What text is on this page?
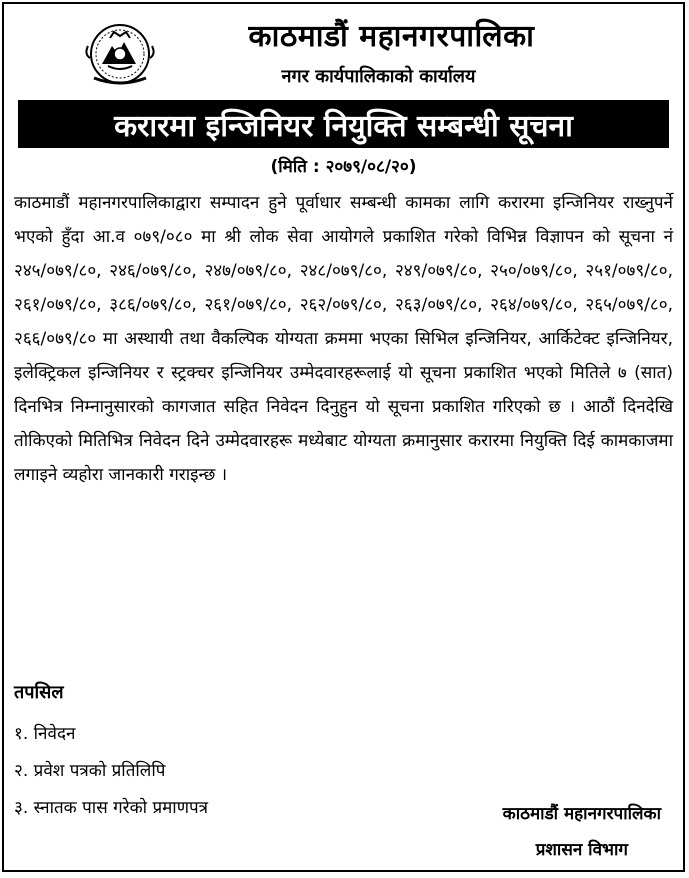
काठमाडौं महानगरपालिका
नगर कार्यपालिकाको कार्यालय
करारमा इन्जिनियर नियुक्ति सम्बन्धी सूचना
(मिति : २०७९/०८/२०)
काठमाडौं महानगरपालिकाद्वारा सम्पादन हुने पूर्वाधार सम्बन्धी कामका लागि करारमा इन्जिनियर राख्नुपर्ने भएको हुँदा आ.व ०७९/०८० मा श्री लोक सेवा आयोगले प्रकाशित गरेको विभिन्न विज्ञापन को सूचना नं २४५/०७९/८०, २४६/०७९/८०, २४७/०७९/८०, २४८/०७९/८०, २४९/०७९/८०, २५०/०७९/८०, २५१/०७९/८०, २६१/०७९/८०, ३८६/०७९/८०, २६१/०७९/८०, २६२/०७९/८०, २६३/०७९/८०, २६४/०७९/८०, २६५/०७९/८०, २६६/०७९/८० मा अस्थायी तथा वैकल्पिक योग्यता क्रममा भएका सिभिल इन्जिनियर, आर्किटेक्ट इन्जिनियर, इलेक्ट्रिकल इन्जिनियर र स्ट्रक्चर इन्जिनियर उम्मेदवारहरूलाई यो सूचना प्रकाशित भएको मितिले ७ (सात) दिनभित्र निम्नानुसारको कागजात सहित निवेदन दिनुहुन यो सूचना प्रकाशित गरिएको छ । आठौं दिनदेखि तोकिएको मितिभित्र निवेदन दिने उम्मेदवारहरू मध्येबाट योग्यता क्रमानुसार करारमा नियुक्ति दिई कामकाजमा लगाइने व्यहोरा जानकारी गराइन्छ ।
तपसिल
१. निवेदन
२. प्रवेश पत्रको प्रतिलिपि
३. स्नातक पास गरेको प्रमाणपत्र	काठमाडौं महानगरपालिका
प्रशासन विभाग
